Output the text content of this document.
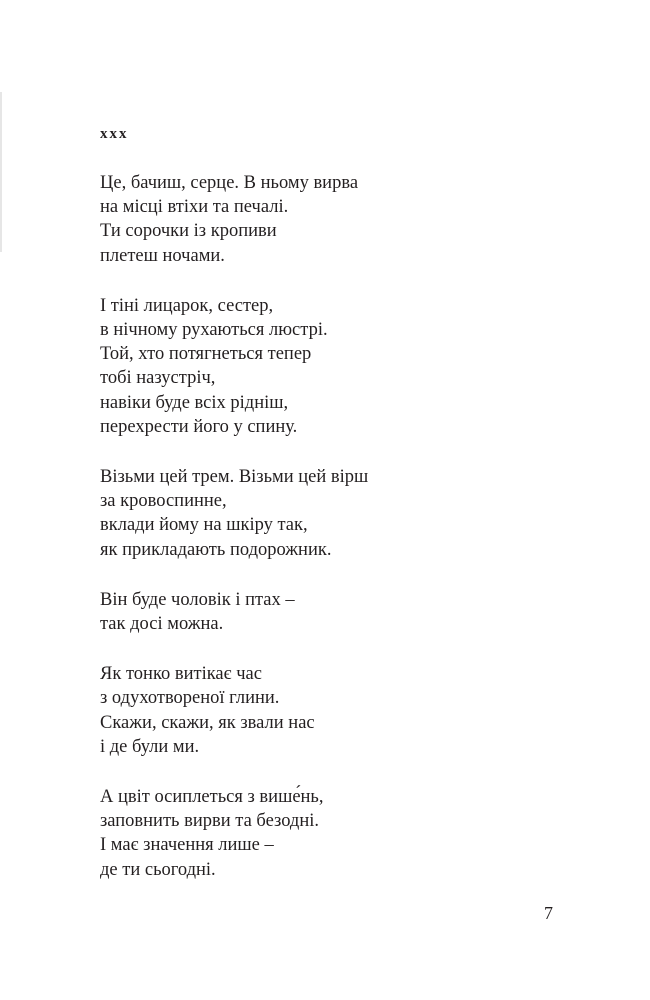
xxx
Це, бачиш, серце. В ньому вирва
на місці втіхи та печалі.
Ти сорочки із кропиви
плетеш ночами.
І тіні лицарок, сестер,
в нічному рухаються люстрі.
Той, хто потягнеться тепер
тобі назустріч,
навіки буде всіх рідніш,
перехрести його у спину.
Візьми цей трем. Візьми цей вірш
за кровоспинне,
вклади йому на шкіру так,
як прикладають подорожник.
Він буде чоловік і птах –
так досі можна.
Як тонко витікає час
з одухотвореної глини.
Скажи, скажи, як звали нас
і де були ми.
А цвіт осиплеться з више́нь,
заповнить вирви та безодні.
І має значення лише –
де ти сьогодні.
7
